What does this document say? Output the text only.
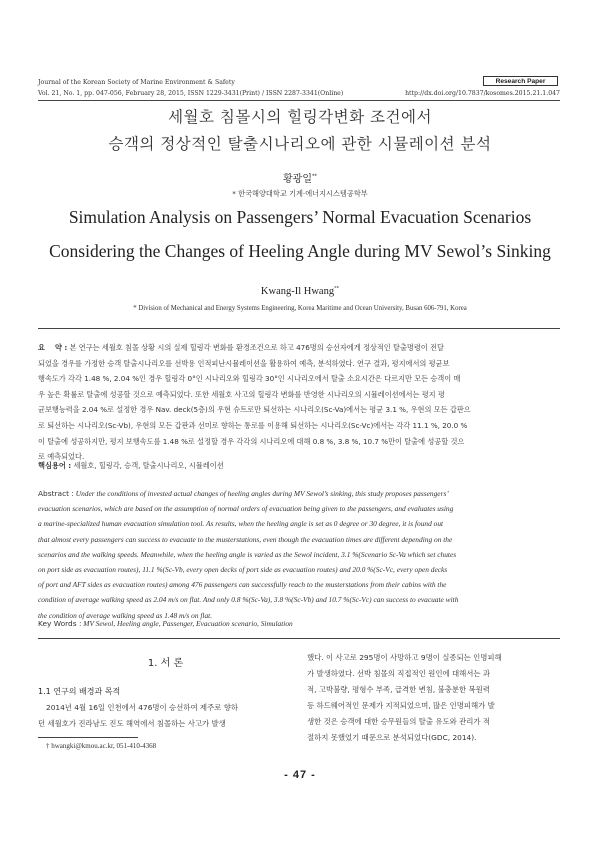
Journal of the Korean Society of Marine Environment & Safety
Vol. 21, No. 1, pp. 047-056, February 28, 2015, ISSN 1229-3431(Print) / ISSN 2287-3341(Online)	http://dx.doi.org/10.7837/kosomes.2015.21.1.047
Research Paper
세월호 침몰시의 힐링각변화 조건에서
승객의 정상적인 탈출시나리오에 관한 시뮬레이션 분석
황광일**
* 한국해양대학교 기계·에너지시스템공학부
Simulation Analysis on Passengers’ Normal Evacuation Scenarios
Considering the Changes of Heeling Angle during MV Sewol’s Sinking
Kwang-Il Hwang**
* Division of Mechanical and Energy Systems Engineering, Korea Maritime and Ocean University, Busan 606-791, Korea
요    약 : 본 연구는 세월호 침몰 상황 시의 실제 힐링각 변화를 환경조건으로 하고 476명의 승선자에게 정상적인 탈출명령이 전달
되었을 경우를 가정한 승객 탈출시나리오를 선박용 인적피난시뮬레이션을 활용하여 예측, 분석하였다. 연구 결과, 평지에서의 평균보
행속도가 각각 1.48 %, 2.04 %인 경우 힐링각 0°인 시나리오와 힐링각 30°인 시나리오에서 탈출 소요시간은 다르지만 모든 승객이 매
우 높은 확률로 탈출에 성공할 것으로 예측되었다. 또한 세월호 사고의 힐링각 변화를 반영한 시나리오의 시뮬레이션에서는 평지 평
균보행능력을 2.04 %로 설정한 경우 Nav. deck(5층)의 우현 슈트로만 퇴선하는 시나리오(Sc-Va)에서는 평균 3.1 %, 우현의 모든 갑판으
로 퇴선하는 시나리오(Sc-Vb), 우현의 모든 갑판과 선미로 향하는 통로를 이용해 퇴선하는 시나리오(Sc-Vc)에서는 각각 11.1 %, 20.0 %
이 탈출에 성공하지만, 평지 보행속도를 1.48 %로 설정할 경우 각각의 시나리오에 대해 0.8 %, 3.8 %, 10.7 %만이 탈출에 성공할 것으
로 예측되었다.
핵심용어 : 세월호, 힐링각, 승객, 탈출시나리오, 시뮬레이션
Abstract : Under the conditions of invested actual changes of heeling angles during MV Sewol’s sinking, this study proposes passengers’
evacuation scenarios, which are based on the assumption of normal orders of evacuation being given to the passengers, and evaluates using
a marine-specialized human evacuation simulation tool. As results, when the heeling angle is set as 0 degree or 30 degree, it is found out
that almost every passengers can success to evacuate to the musterstations, even though the evacuation times are different depending on the
scenarios and the walking speeds. Meanwhile, when the heeling angle is varied as the Sewol incident, 3.1 %(Scenario Sc-Va which set chutes
on port side as evacuation routes), 11.1 %(Sc-Vb, every open decks of port side as evacuation routes) and 20.0 %(Sc-Vc, every open decks
of port and AFT sides as evacuation routes) among 476 passengers can successfully reach to the musterstations from their cabins with the
condition of average walking speed as 2.04 m/s on flat. And only 0.8 %(Sc-Va), 3.8 %(Sc-Vb) and 10.7 %(Sc-Vc) can success to evacuate with
the condition of average walking speed as 1.48 m/s on flat.
Key Words : MV Sewol, Heeling angle, Passenger, Evacuation scenario, Simulation
1. 서 론
1.1 연구의 배경과 목적
2014년 4월 16일 인천에서 476명이 승선하여 제주로 향하
던 세월호가 진라남도 진도 해역에서 침몰하는 사고가 발생
했다. 이 사고로 295명이 사망하고 9명이 실종되는 인명피해
가 발생하였다. 선박 침몰의 직접적인 원인에 대해서는 과
적, 고박불량, 평형수 부족, 급격한 변침, 불충분한 복원력
등 하드웨어적인 문제가 지적되었으며, 많은 인명피해가 발
생한 것은 승객에 대한 승무원들의 탈출 유도와 관리가 적
절하지 못했었기 때문으로 분석되었다(GDC, 2014).
† hwangki@kmou.ac.kr, 051-410-4368
- 47 -
